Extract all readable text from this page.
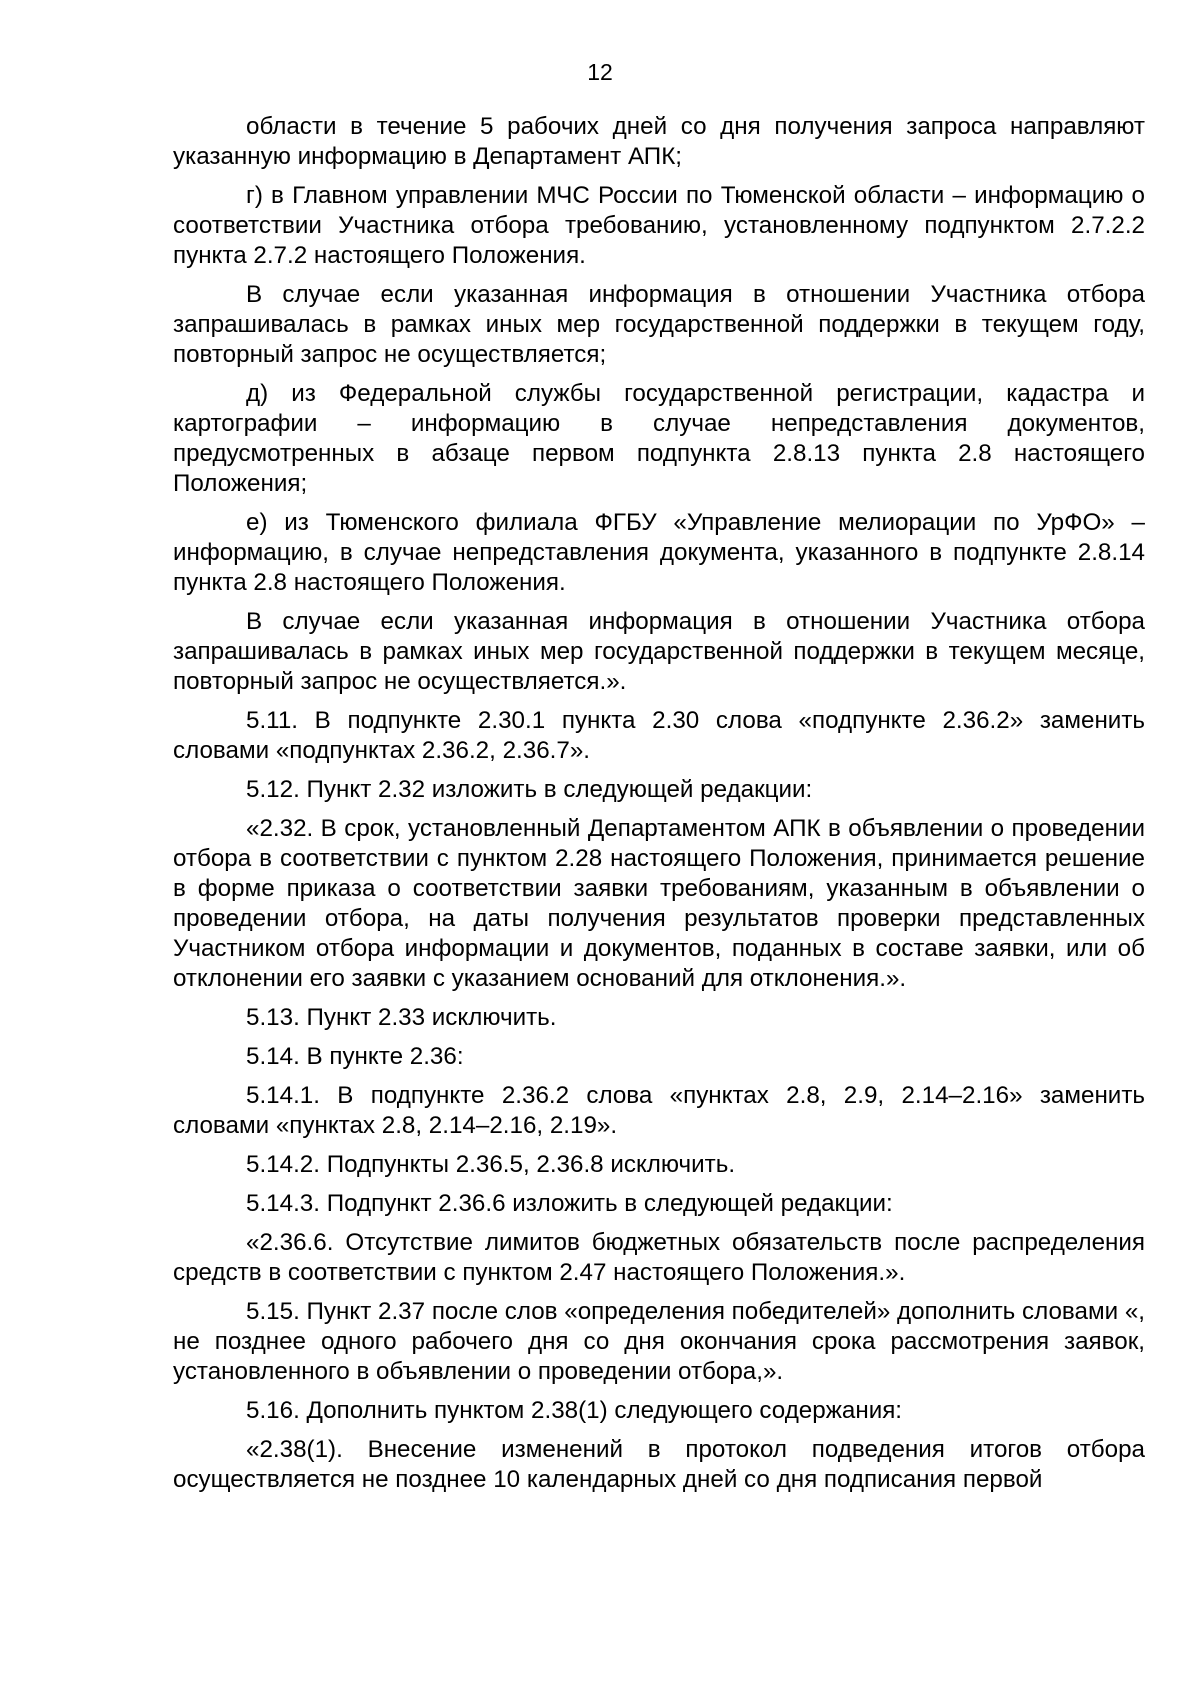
12

области в течение 5 рабочих дней со дня получения запроса направляют указанную информацию в Департамент АПК;

г) в Главном управлении МЧС России по Тюменской области – информацию о соответствии Участника отбора требованию, установленному подпунктом 2.7.2.2 пункта 2.7.2 настоящего Положения.

В случае если указанная информация в отношении Участника отбора запрашивалась в рамках иных мер государственной поддержки в текущем году, повторный запрос не осуществляется;

д) из Федеральной службы государственной регистрации, кадастра и картографии – информацию в случае непредставления документов, предусмотренных в абзаце первом подпункта 2.8.13 пункта 2.8 настоящего Положения;

е) из Тюменского филиала ФГБУ «Управление мелиорации по УрФО» – информацию, в случае непредставления документа, указанного в подпункте 2.8.14 пункта 2.8 настоящего Положения.

В случае если указанная информация в отношении Участника отбора запрашивалась в рамках иных мер государственной поддержки в текущем месяце, повторный запрос не осуществляется.».

5.11. В подпункте 2.30.1 пункта 2.30 слова «подпункте 2.36.2» заменить словами «подпунктах 2.36.2, 2.36.7».

5.12. Пункт 2.32 изложить в следующей редакции:

«2.32. В срок, установленный Департаментом АПК в объявлении о проведении отбора в соответствии с пунктом 2.28 настоящего Положения, принимается решение в форме приказа о соответствии заявки требованиям, указанным в объявлении о проведении отбора, на даты получения результатов проверки представленных Участником отбора информации и документов, поданных в составе заявки, или об отклонении его заявки с указанием оснований для отклонения.».

5.13. Пункт 2.33 исключить.

5.14. В пункте 2.36:

5.14.1. В подпункте 2.36.2 слова «пунктах 2.8, 2.9, 2.14–2.16» заменить словами «пунктах 2.8, 2.14–2.16, 2.19».

5.14.2. Подпункты 2.36.5, 2.36.8 исключить.

5.14.3. Подпункт 2.36.6 изложить в следующей редакции:

«2.36.6. Отсутствие лимитов бюджетных обязательств после распределения средств в соответствии с пунктом 2.47 настоящего Положения.».

5.15. Пункт 2.37 после слов «определения победителей» дополнить словами «, не позднее одного рабочего дня со дня окончания срока рассмотрения заявок, установленного в объявлении о проведении отбора,».

5.16. Дополнить пунктом 2.38(1) следующего содержания:

«2.38(1). Внесение изменений в протокол подведения итогов отбора осуществляется не позднее 10 календарных дней со дня подписания первой
